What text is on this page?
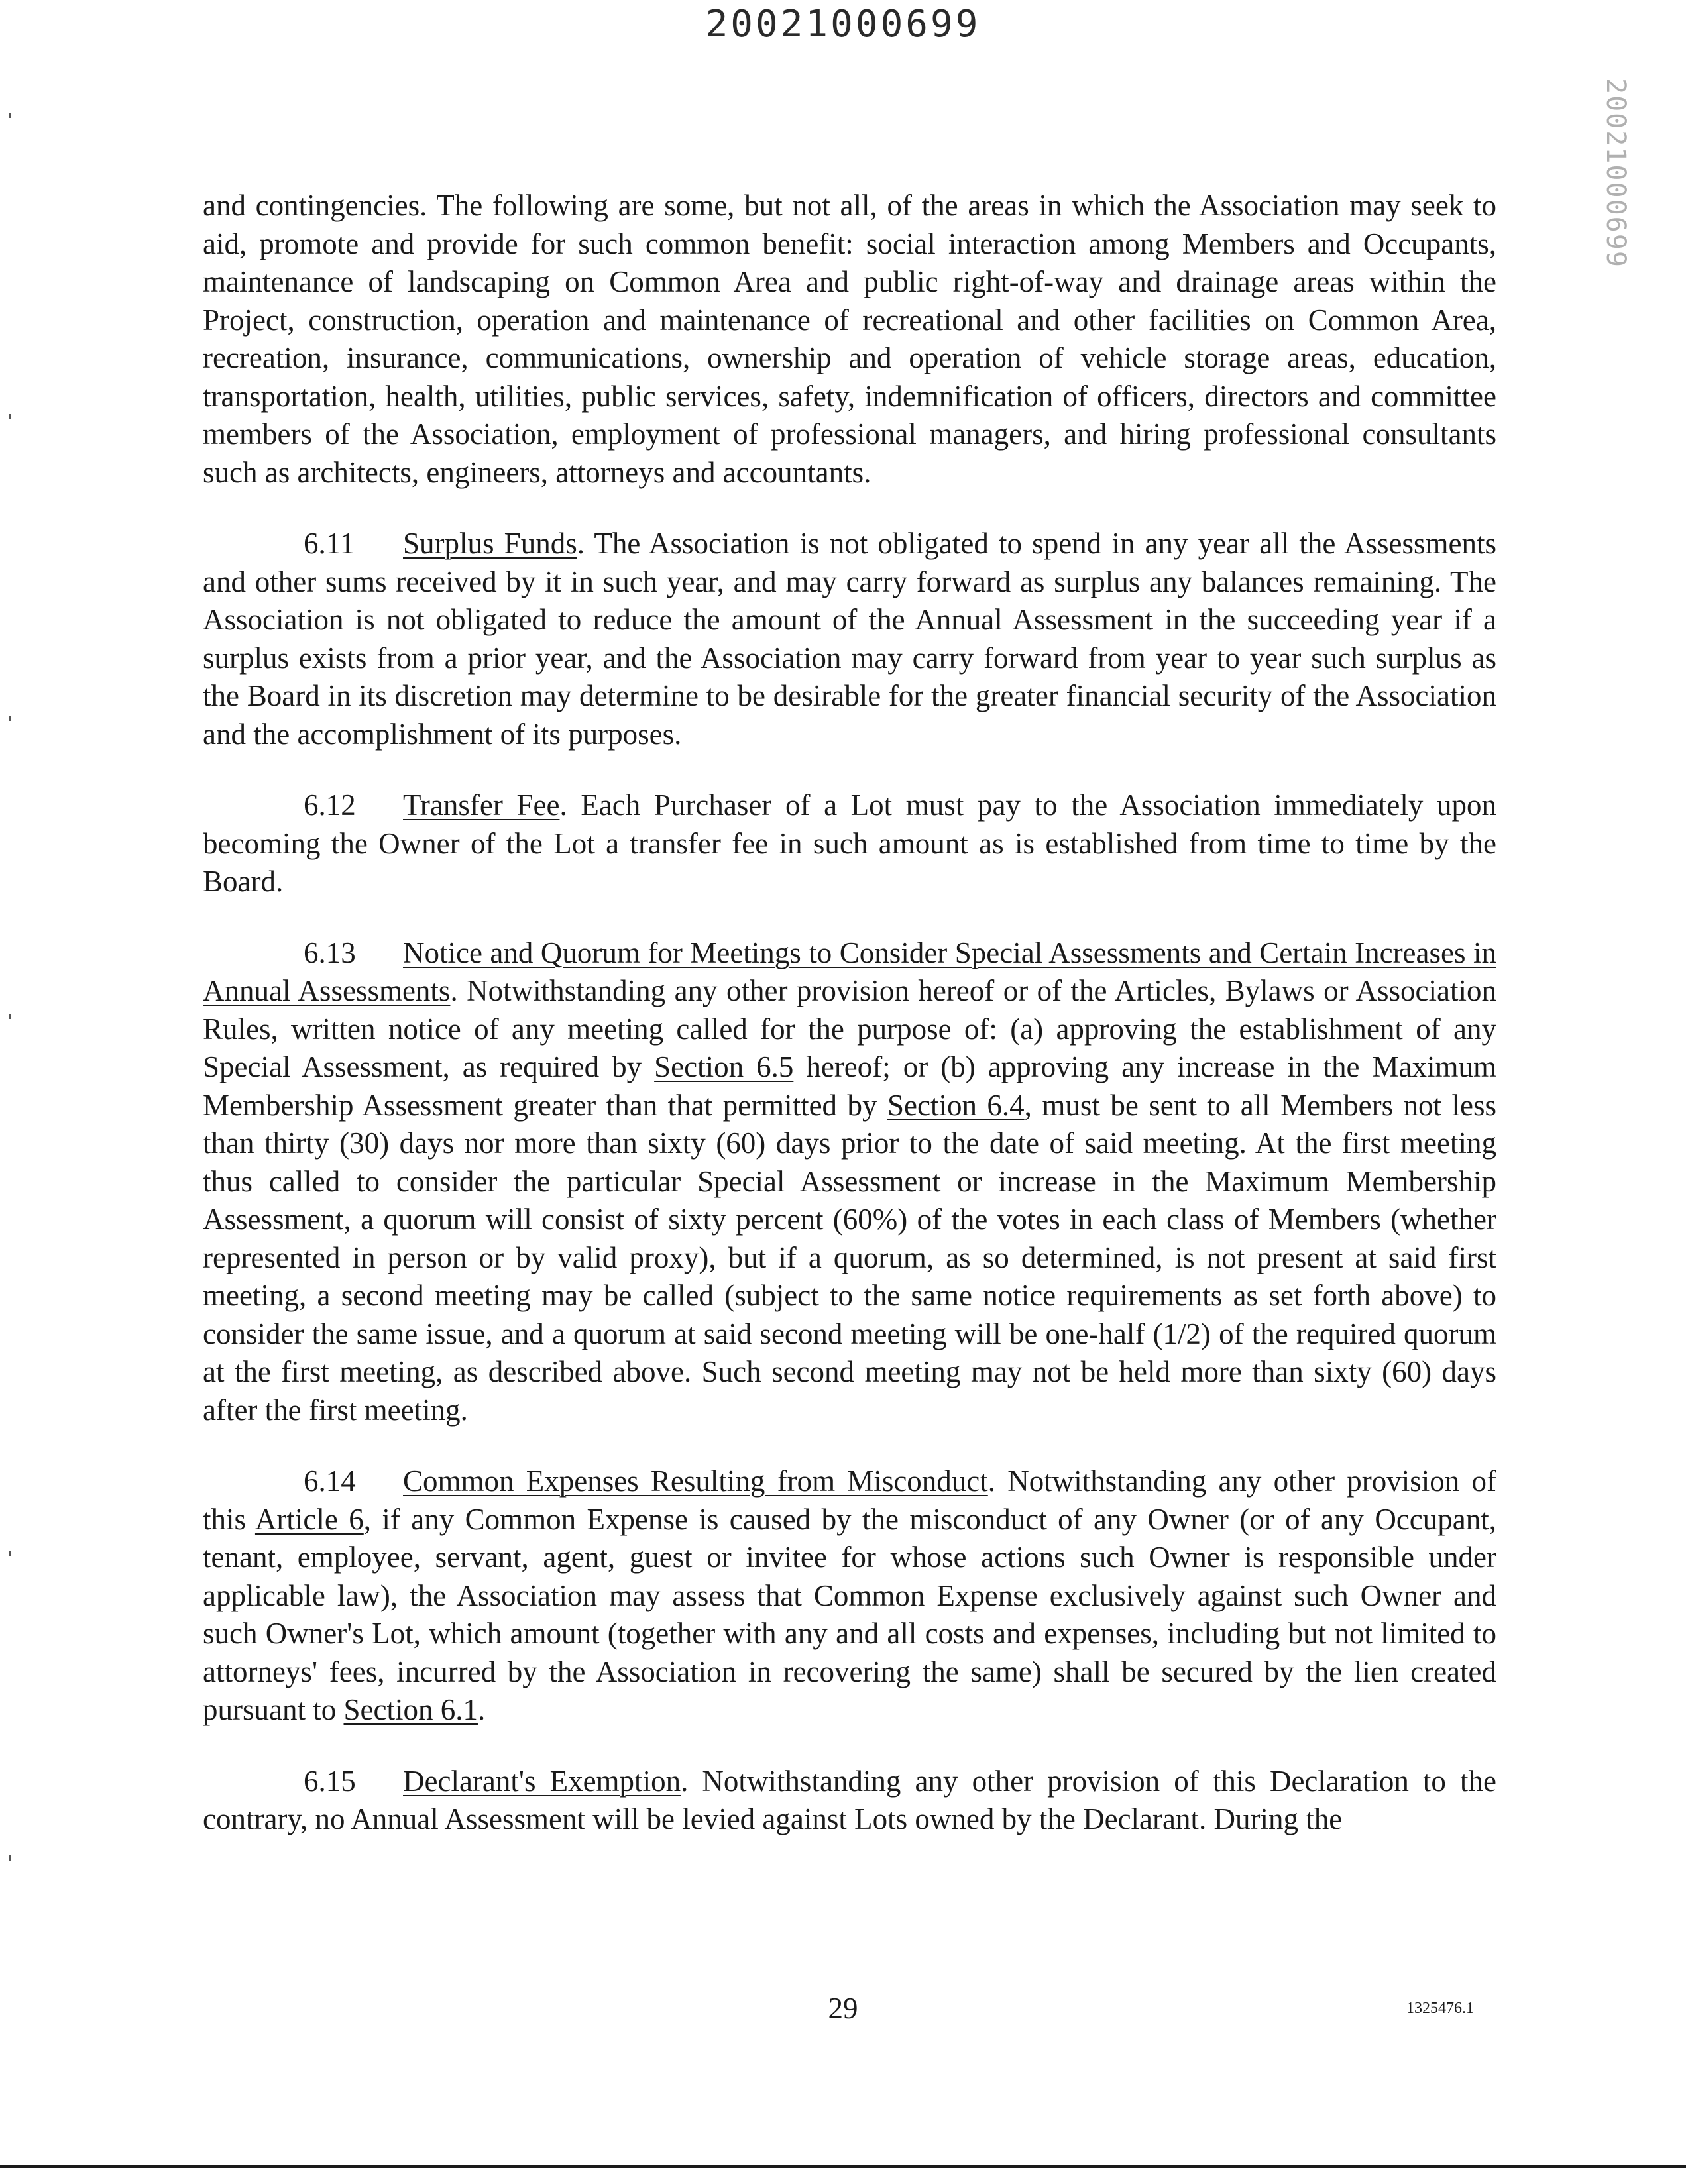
20021000699
20021000699

and contingencies. The following are some, but not all, of the areas in which the Association may seek to aid, promote and provide for such common benefit: social interaction among Members and Occupants, maintenance of landscaping on Common Area and public right-of-way and drainage areas within the Project, construction, operation and maintenance of recreational and other facilities on Common Area, recreation, insurance, communications, ownership and operation of vehicle storage areas, education, transportation, health, utilities, public services, safety, indemnification of officers, directors and committee members of the Association, employment of professional managers, and hiring professional consultants such as architects, engineers, attorneys and accountants.

6.11 Surplus Funds. The Association is not obligated to spend in any year all the Assessments and other sums received by it in such year, and may carry forward as surplus any balances remaining. The Association is not obligated to reduce the amount of the Annual Assessment in the succeeding year if a surplus exists from a prior year, and the Association may carry forward from year to year such surplus as the Board in its discretion may determine to be desirable for the greater financial security of the Association and the accomplishment of its purposes.

6.12 Transfer Fee. Each Purchaser of a Lot must pay to the Association immediately upon becoming the Owner of the Lot a transfer fee in such amount as is established from time to time by the Board.

6.13 Notice and Quorum for Meetings to Consider Special Assessments and Certain Increases in Annual Assessments. Notwithstanding any other provision hereof or of the Articles, Bylaws or Association Rules, written notice of any meeting called for the purpose of: (a) approving the establishment of any Special Assessment, as required by Section 6.5 hereof; or (b) approving any increase in the Maximum Membership Assessment greater than that permitted by Section 6.4, must be sent to all Members not less than thirty (30) days nor more than sixty (60) days prior to the date of said meeting. At the first meeting thus called to consider the particular Special Assessment or increase in the Maximum Membership Assessment, a quorum will consist of sixty percent (60%) of the votes in each class of Members (whether represented in person or by valid proxy), but if a quorum, as so determined, is not present at said first meeting, a second meeting may be called (subject to the same notice requirements as set forth above) to consider the same issue, and a quorum at said second meeting will be one-half (1/2) of the required quorum at the first meeting, as described above. Such second meeting may not be held more than sixty (60) days after the first meeting.

6.14 Common Expenses Resulting from Misconduct. Notwithstanding any other provision of this Article 6, if any Common Expense is caused by the misconduct of any Owner (or of any Occupant, tenant, employee, servant, agent, guest or invitee for whose actions such Owner is responsible under applicable law), the Association may assess that Common Expense exclusively against such Owner and such Owner's Lot, which amount (together with any and all costs and expenses, including but not limited to attorneys' fees, incurred by the Association in recovering the same) shall be secured by the lien created pursuant to Section 6.1.

6.15 Declarant's Exemption. Notwithstanding any other provision of this Declaration to the contrary, no Annual Assessment will be levied against Lots owned by the Declarant. During the

29	1325476.1
